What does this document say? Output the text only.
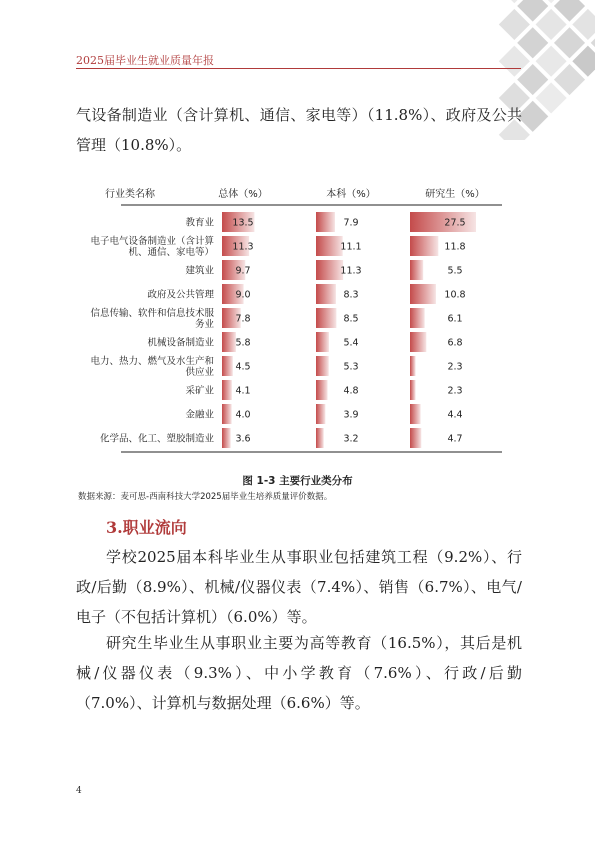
2025届毕业生就业质量年报

气设备制造业（含计算机、通信、家电等）（11.8%）、政府及公共管理（10.8%）。

行业类名称	总体（%）	本科（%）	研究生（%）
教育业 13.5	7.9	27.5
电子电气设备制造业（含计算
机、通信、家电等） 11.3	11.1	11.8
建筑业 9.7	11.3	5.5
政府及公共管理 9.0	8.3	10.8
信息传输、软件和信息技术服
务业 7.8	8.5	6.1
机械设备制造业 5.8	5.4	6.8
电力、热力、燃气及水生产和
供应业 4.5	5.3	2.3
采矿业 4.1	4.8	2.3
金融业 4.0	3.9	4.4
化学品、化工、塑胶制造业 3.6	3.2	4.7
图 1-3 主要行业类分布
数据来源：麦可思-西南科技大学2025届毕业生培养质量评价数据。
3.职业流向

学校2025届本科毕业生从事职业包括建筑工程（9.2%）、行政/后勤（8.9%）、机械/仪器仪表（7.4%）、销售（6.7%）、电气/电子（不包括计算机）（6.0%）等。

研究生毕业生从事职业主要为高等教育（16.5%），其后是机械/仪器仪表（9.3%）、中小学教育（7.6%）、行政/后勤（7.0%）、计算机与数据处理（6.6%）等。

4
